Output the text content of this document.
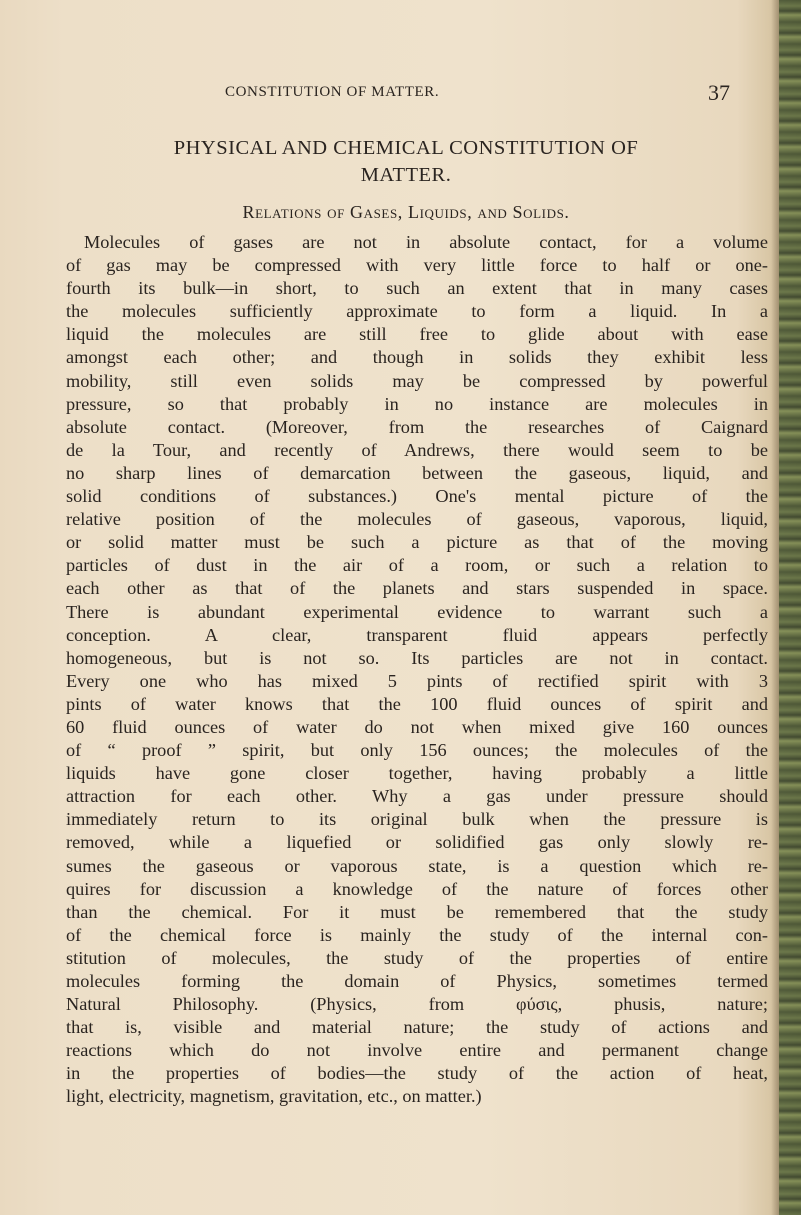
CONSTITUTION OF MATTER.	37
PHYSICAL AND CHEMICAL CONSTITUTION OF
MATTER.
Relations of Gases, Liquids, and Solids.
Molecules of gases are not in absolute contact, for a volume
of gas may be compressed with very little force to half or one-
fourth its bulk—in short, to such an extent that in many cases
the molecules sufficiently approximate to form a liquid. In a
liquid the molecules are still free to glide about with ease
amongst each other; and though in solids they exhibit less
mobility, still even solids may be compressed by powerful
pressure, so that probably in no instance are molecules in
absolute contact. (Moreover, from the researches of Caignard
de la Tour, and recently of Andrews, there would seem to be
no sharp lines of demarcation between the gaseous, liquid, and
solid conditions of substances.) One's mental picture of the
relative position of the molecules of gaseous, vaporous, liquid,
or solid matter must be such a picture as that of the moving
particles of dust in the air of a room, or such a relation to
each other as that of the planets and stars suspended in space.
There is abundant experimental evidence to warrant such a
conception. A clear, transparent fluid appears perfectly
homogeneous, but is not so. Its particles are not in contact.
Every one who has mixed 5 pints of rectified spirit with 3
pints of water knows that the 100 fluid ounces of spirit and
60 fluid ounces of water do not when mixed give 160 ounces
of “ proof ” spirit, but only 156 ounces; the molecules of the
liquids have gone closer together, having probably a little
attraction for each other. Why a gas under pressure should
immediately return to its original bulk when the pressure is
removed, while a liquefied or solidified gas only slowly re-
sumes the gaseous or vaporous state, is a question which re-
quires for discussion a knowledge of the nature of forces other
than the chemical. For it must be remembered that the study
of the chemical force is mainly the study of the internal con-
stitution of molecules, the study of the properties of entire
molecules forming the domain of Physics, sometimes termed
Natural Philosophy. (Physics, from φύσις, phusis, nature;
that is, visible and material nature; the study of actions and
reactions which do not involve entire and permanent change
in the properties of bodies—the study of the action of heat,
light, electricity, magnetism, gravitation, etc., on matter.)
